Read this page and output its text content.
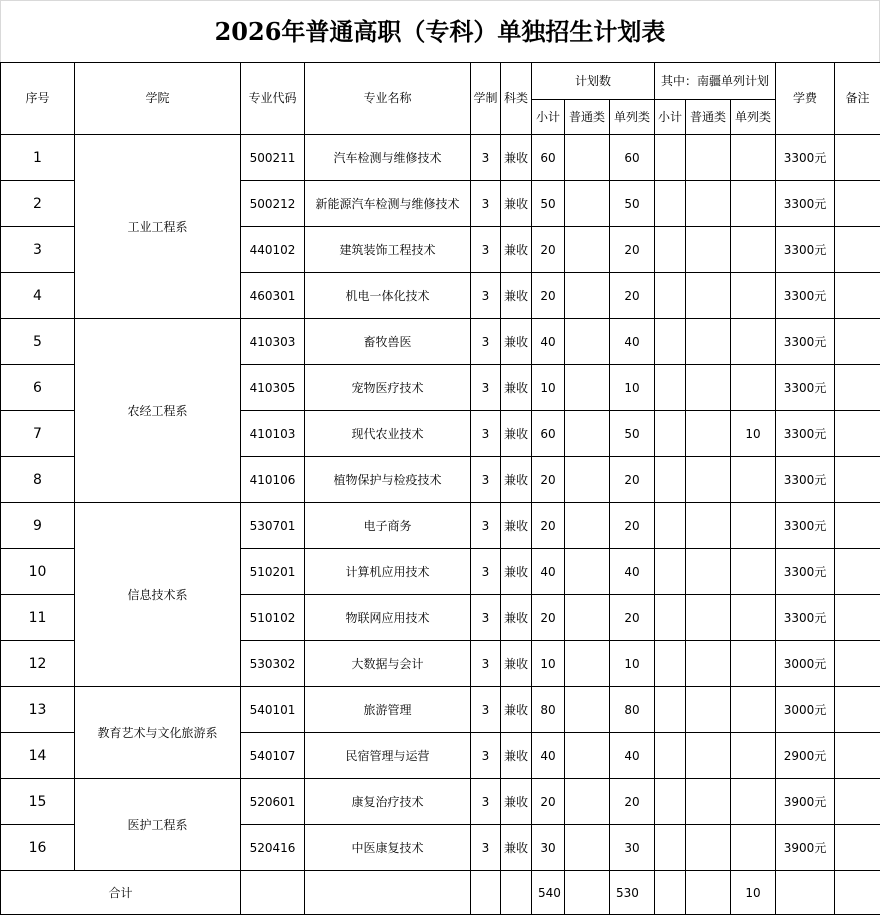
2026年普通高职（专科）单独招生计划表
序号	学院	专业代码	专业名称	学制	科类	计划数			其中：南疆单列计划			学费	备注
						小计	普通类	单列类	小计	普通类	单列类		
1	工业工程系	500211	汽车检测与维修技术	3	兼收	60		60				3300元	
2		500212	新能源汽车检测与维修技术	3	兼收	50		50				3300元	
3		440102	建筑装饰工程技术	3	兼收	20		20				3300元	
4		460301	机电一体化技术	3	兼收	20		20				3300元	
5	农经工程系	410303	畜牧兽医	3	兼收	40		40				3300元	
6		410305	宠物医疗技术	3	兼收	10		10				3300元	
7		410103	现代农业技术	3	兼收	60		50			10	3300元	
8		410106	植物保护与检疫技术	3	兼收	20		20				3300元	
9	信息技术系	530701	电子商务	3	兼收	20		20				3300元	
10		510201	计算机应用技术	3	兼收	40		40				3300元	
11		510102	物联网应用技术	3	兼收	20		20				3300元	
12		530302	大数据与会计	3	兼收	10		10				3000元	
13	教育艺术与文化旅游系	540101	旅游管理	3	兼收	80		80				3000元	
14		540107	民宿管理与运营	3	兼收	40		40				2900元	
15	医护工程系	520601	康复治疗技术	3	兼收	20		20				3900元	
16		520416	中医康复技术	3	兼收	30		30				3900元	
合计						540		530			10		
